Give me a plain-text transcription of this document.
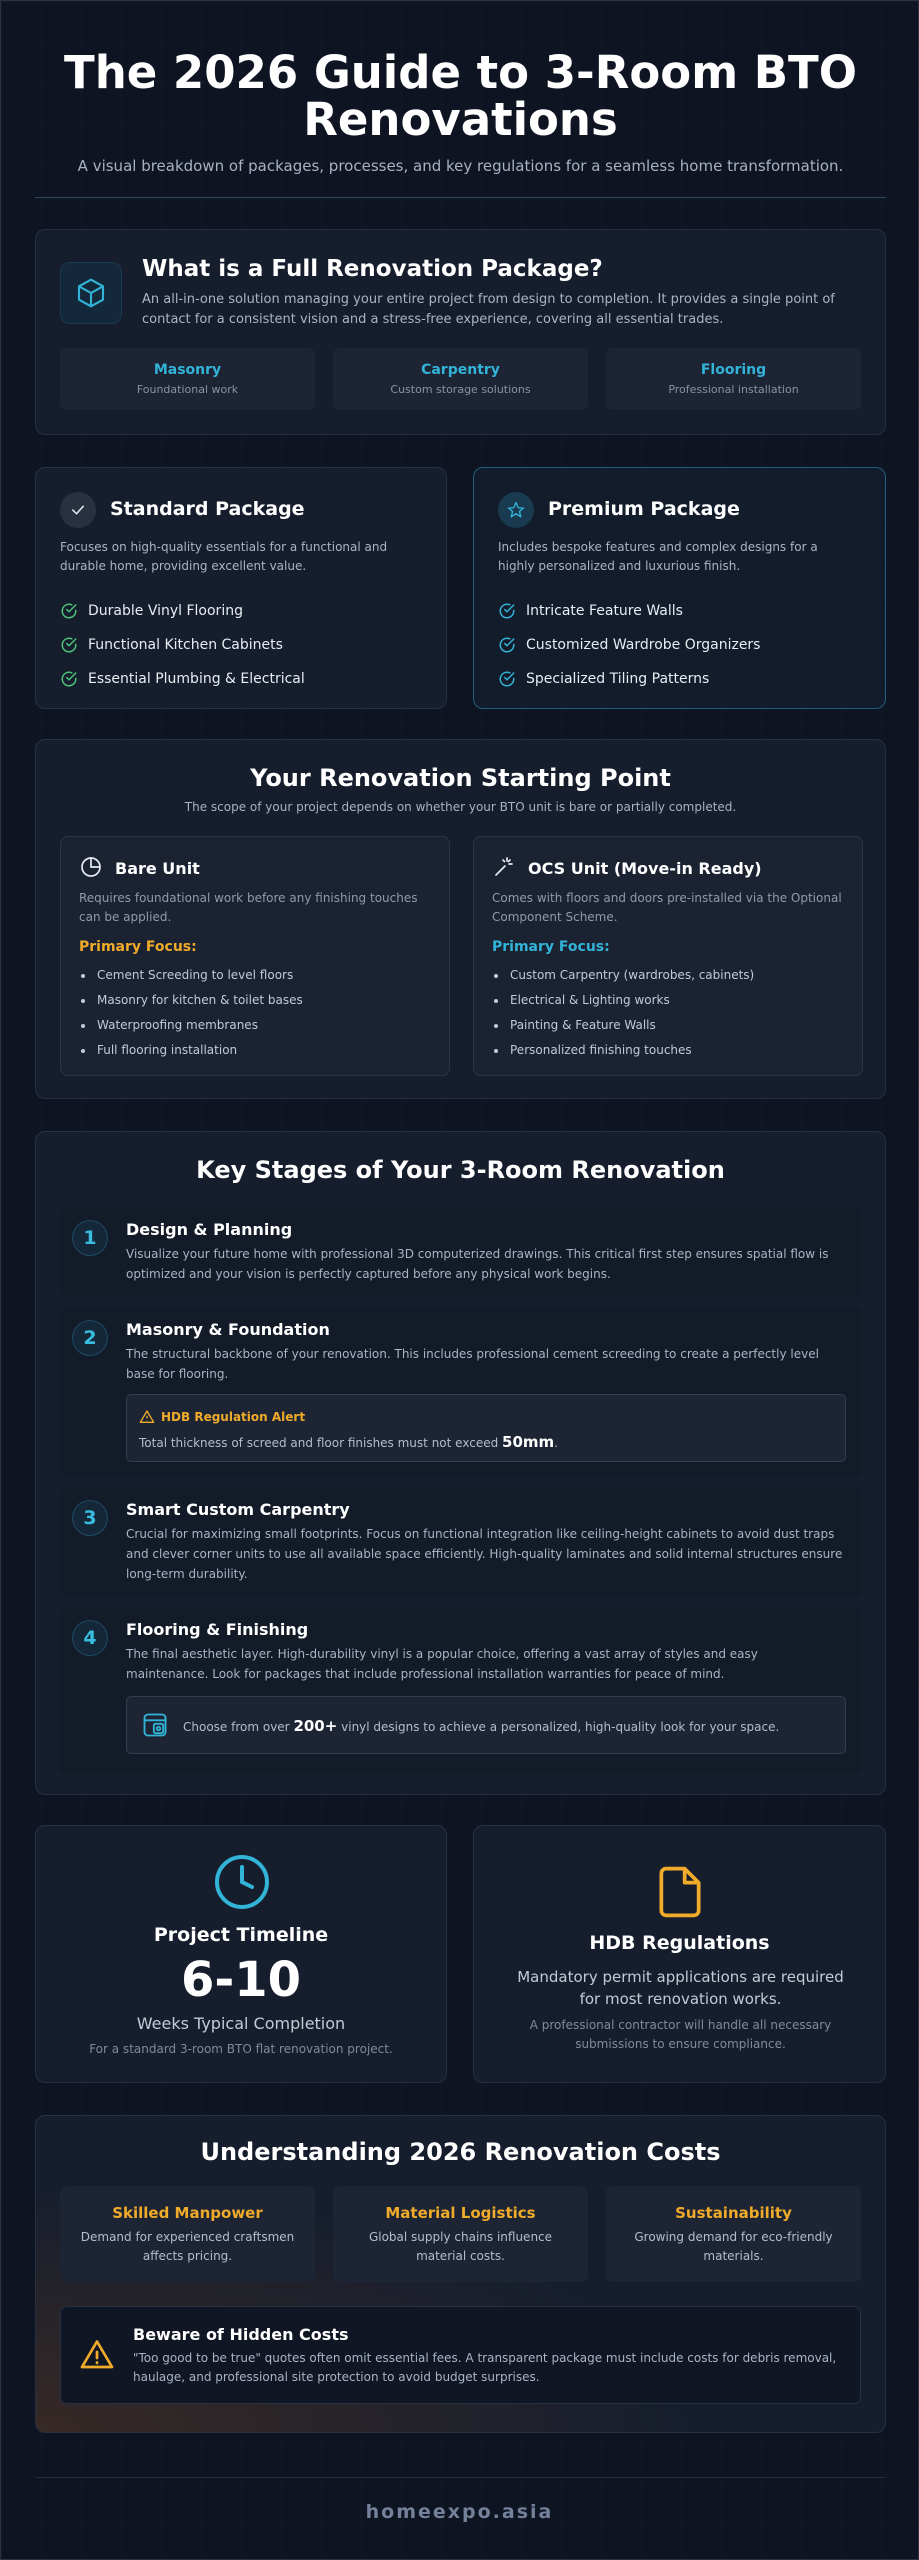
The 2026 Guide to 3-Room BTO Renovations

A visual breakdown of packages, processes, and key regulations for a seamless home transformation.

What is a Full Renovation Package?
An all-in-one solution managing your entire project from design to completion. It provides a single point of contact for a consistent vision and a stress-free experience, covering all essential trades.
Masonry
Foundational work
Carpentry
Custom storage solutions
Flooring
Professional installation
Standard Package
Focuses on high-quality essentials for a functional and durable home, providing excellent value.
Durable Vinyl Flooring
Functional Kitchen Cabinets
Essential Plumbing & Electrical
Premium Package
Includes bespoke features and complex designs for a highly personalized and luxurious finish.
Intricate Feature Walls
Customized Wardrobe Organizers
Specialized Tiling Patterns
Your Renovation Starting Point
The scope of your project depends on whether your BTO unit is bare or partially completed.
Bare Unit
Requires foundational work before any finishing touches can be applied.
Primary Focus:
Cement Screeding to level floors
Masonry for kitchen & toilet bases
Waterproofing membranes
Full flooring installation
OCS Unit (Move-in Ready)
Comes with floors and doors pre-installed via the Optional Component Scheme.
Primary Focus:
Custom Carpentry (wardrobes, cabinets)
Electrical & Lighting works
Painting & Feature Walls
Personalized finishing touches
Key Stages of Your 3-Room Renovation
1	Design & Planning
Visualize your future home with professional 3D computerized drawings. This critical first step ensures spatial flow is optimized and your vision is perfectly captured before any physical work begins.
2	Masonry & Foundation
The structural backbone of your renovation. This includes professional cement screeding to create a perfectly level base for flooring.
HDB Regulation Alert
Total thickness of screed and floor finishes must not exceed 50mm.
3	Smart Custom Carpentry
Crucial for maximizing small footprints. Focus on functional integration like ceiling-height cabinets to avoid dust traps and clever corner units to use all available space efficiently. High-quality laminates and solid internal structures ensure long-term durability.
4	Flooring & Finishing
The final aesthetic layer. High-durability vinyl is a popular choice, offering a vast array of styles and easy maintenance. Look for packages that include professional installation warranties for peace of mind.
Choose from over 200+ vinyl designs to achieve a personalized, high-quality look for your space.
Project Timeline
6-10
Weeks Typical Completion
For a standard 3-room BTO flat renovation project.
HDB Regulations
Mandatory permit applications are required for most renovation works.
A professional contractor will handle all necessary submissions to ensure compliance.
Understanding 2026 Renovation Costs
Skilled Manpower
Demand for experienced craftsmen affects pricing.
Material Logistics
Global supply chains influence material costs.
Sustainability
Growing demand for eco-friendly materials.
Beware of Hidden Costs
"Too good to be true" quotes often omit essential fees. A transparent package must include costs for debris removal, haulage, and professional site protection to avoid budget surprises.
homeexpo.asia
